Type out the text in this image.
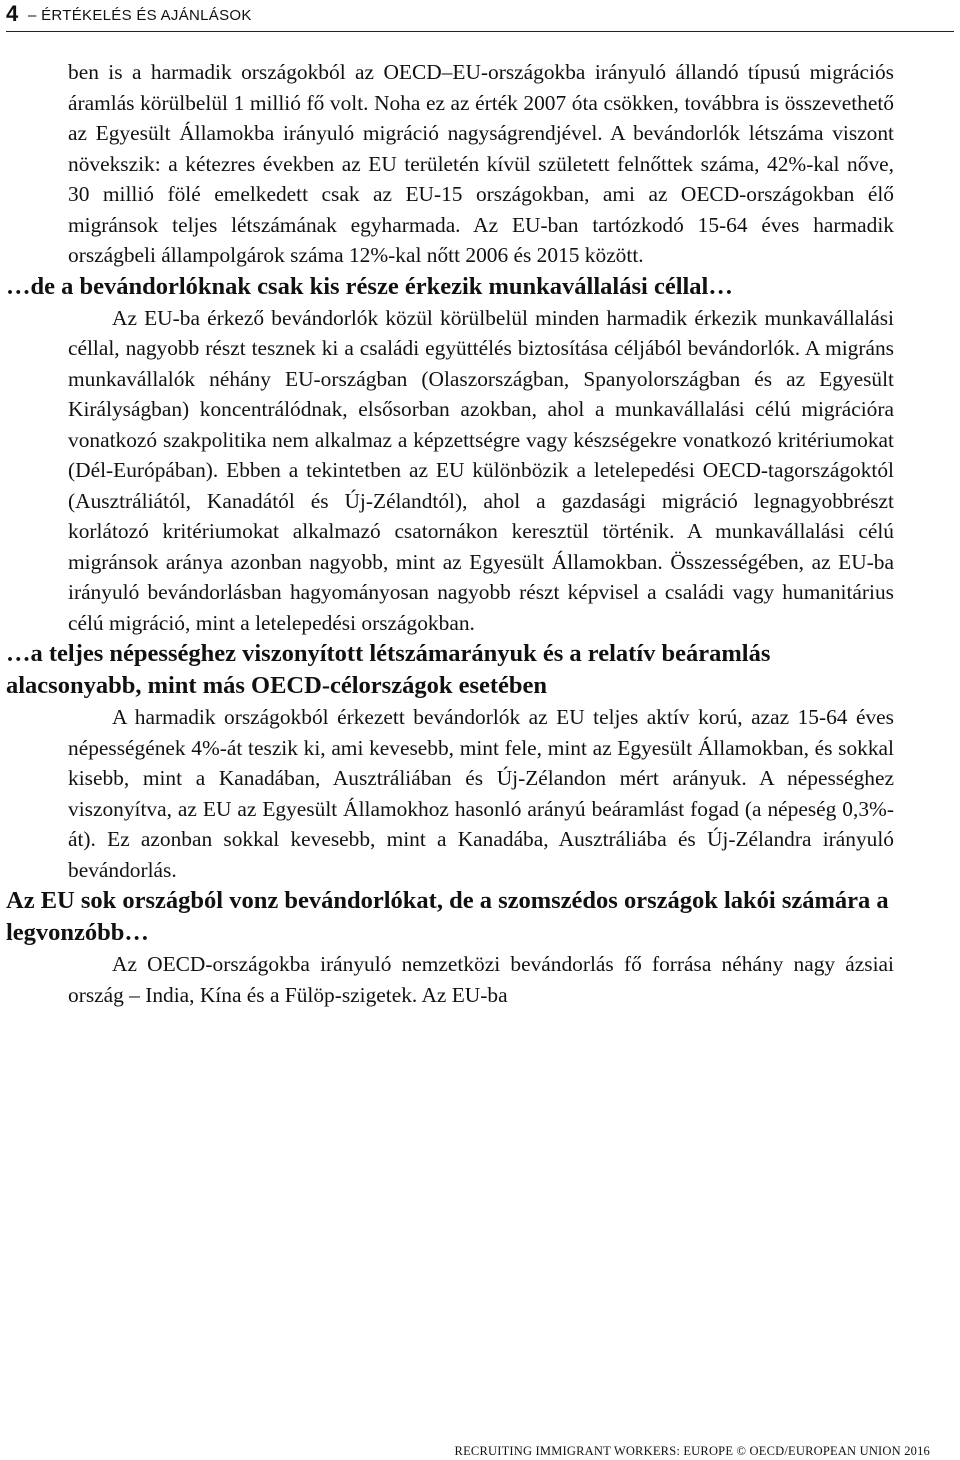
4 – ÉRTÉKELÉS ÉS AJÁNLÁSOK

ben is a harmadik országokból az OECD–EU-országokba irányuló állandó típusú migrációs áramlás körülbelül 1 millió fő volt. Noha ez az érték 2007 óta csökken, továbbra is összevethető az Egyesült Államokba irányuló migráció nagyságrendjével. A bevándorlók létszáma viszont növekszik: a kétezres években az EU területén kívül született felnőttek száma, 42%-kal nőve, 30 millió fölé emelkedett csak az EU-15 országokban, ami az OECD-országokban élő migránsok teljes létszámának egyharmada. Az EU-ban tartózkodó 15-64 éves harmadik országbeli állampolgárok száma 12%-kal nőtt 2006 és 2015 között.

…de a bevándorlóknak csak kis része érkezik munkavállalási céllal…

Az EU-ba érkező bevándorlók közül körülbelül minden harmadik érkezik munkavállalási céllal, nagyobb részt tesznek ki a családi együttélés biztosítása céljából bevándorlók. A migráns munkavállalók néhány EU-országban (Olaszországban, Spanyolországban és az Egyesült Királyságban) koncentrálódnak, elsősorban azokban, ahol a munkavállalási célú migrációra vonatkozó szakpolitika nem alkalmaz a képzettségre vagy készségekre vonatkozó kritériumokat (Dél-Európában). Ebben a tekintetben az EU különbözik a letelepedési OECD-tagországoktól (Ausztráliától, Kanadától és Új-Zélandtól), ahol a gazdasági migráció legnagyobbrészt korlátozó kritériumokat alkalmazó csatornákon keresztül történik. A munkavállalási célú migránsok aránya azonban nagyobb, mint az Egyesült Államokban. Összességében, az EU-ba irányuló bevándorlásban hagyományosan nagyobb részt képvisel a családi vagy humanitárius célú migráció, mint a letelepedési országokban.

…a teljes népességhez viszonyított létszámarányuk és a relatív beáramlás alacsonyabb, mint más OECD-célországok esetében

A harmadik országokból érkezett bevándorlók az EU teljes aktív korú, azaz 15-64 éves népességének 4%-át teszik ki, ami kevesebb, mint fele, mint az Egyesült Államokban, és sokkal kisebb, mint a Kanadában, Ausztráliában és Új-Zélandon mért arányuk. A népességhez viszonyítva, az EU az Egyesült Államokhoz hasonló arányú beáramlást fogad (a népeség 0,3%-át). Ez azonban sokkal kevesebb, mint a Kanadába, Ausztráliába és Új-Zélandra irányuló bevándorlás.

Az EU sok országból vonz bevándorlókat, de a szomszédos országok lakói számára a legvonzóbb…

Az OECD-országokba irányuló nemzetközi bevándorlás fő forrása néhány nagy ázsiai ország – India, Kína és a Fülöp-szigetek. Az EU-ba

RECRUITING IMMIGRANT WORKERS: EUROPE © OECD/EUROPEAN UNION 2016
